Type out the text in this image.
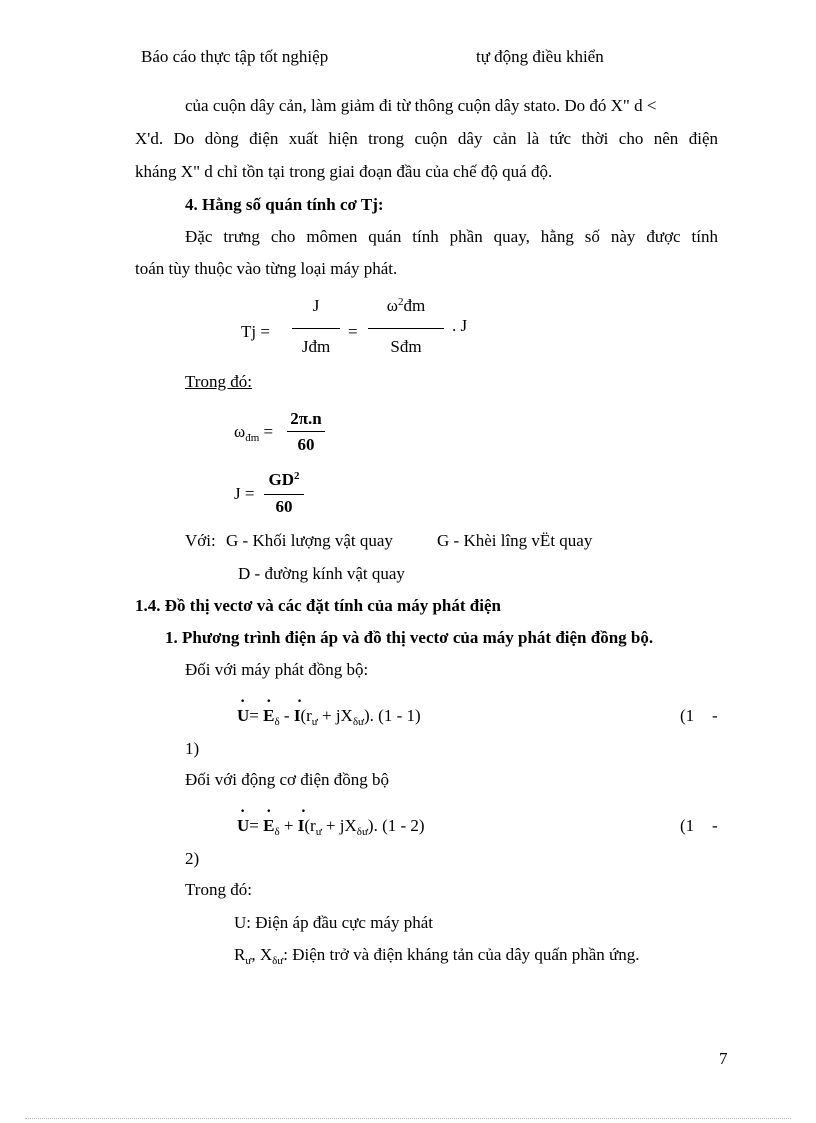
Báo cáo thực tập tốt nghiệp	tự động điều khiển
của cuộn dây cản, làm giảm đi từ thông cuộn dây stato. Do đó X" d <
X'd. Do dòng điện xuất hiện trong cuộn dây cản là tức thời cho nên điện
kháng X" d chỉ tồn tại trong giai đoạn đầu của chế độ quá độ.
4. Hằng số quán tính cơ Tj:
Đặc trưng cho mômen quán tính phần quay, hằng số này được tính
toán tùy thuộc vào từng loại máy phát.
Tj =
J
Jđm
=
$\omega^2đm$
Sđm
. J
Trong đó:
$\omega_{đm}$ =
2π.n
60
J =
$GD^2$
60
Với: G - Khối lượng vật quay	G - Khèi lîng vËt quay
D - đường kính vật quay
1.4. Đồ thị vectơ và các đặt tính của máy phát điện
1. Phương trình điện áp và đồ thị vectơ của máy phát điện đồng bộ.
Đối với máy phát đồng bộ:
· $U= \cdot E_\delta$ - · $I(r_ư + jX_{\delta ư})$. (1 - 1)	(1 -
1)
Đối với động cơ điện đồng bộ
· $U= \cdot E_\delta$ + · $I(r_ư + jX_{\delta ư})$. (1 - 2)	(1 -
2)
Trong đó:
U: Điện áp đầu cực máy phát
$R_ư$, $X_{\delta ư}$: Điện trở và điện kháng tản của dây quấn phần ứng.
7
